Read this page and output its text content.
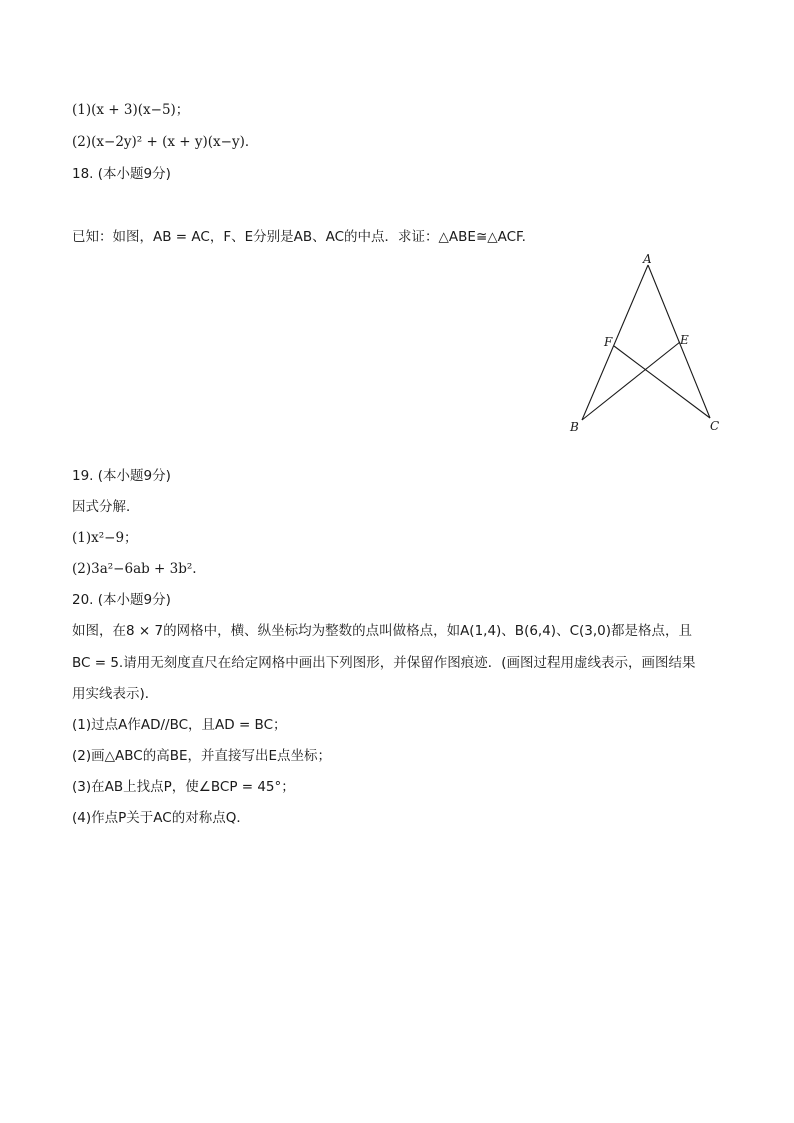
(1)(x + 3)(x−5)；
(2)(x−2y)² + (x + y)(x−y)．
18. (本小题9分)
已知：如图，AB = AC，F、E分别是AB、AC的中点．求证：△ABE≅△ACF.
A
B	C
E
F
19. (本小题9分)
因式分解．
(1)x²−9；
(2)3a²−6ab + 3b².
20. (本小题9分)
如图，在8 × 7的网格中，横、纵坐标均为整数的点叫做格点，如A(1,4)、B(6,4)、C(3,0)都是格点，且
BC = 5.请用无刻度直尺在给定网格中画出下列图形，并保留作图痕迹．(画图过程用虚线表示，画图结果
用实线表示)．
(1)过点A作AD//BC，且AD = BC；
(2)画△ABC的高BE，并直接写出E点坐标；
(3)在AB上找点P，使∠BCP = 45°；
(4)作点P关于AC的对称点Q．
